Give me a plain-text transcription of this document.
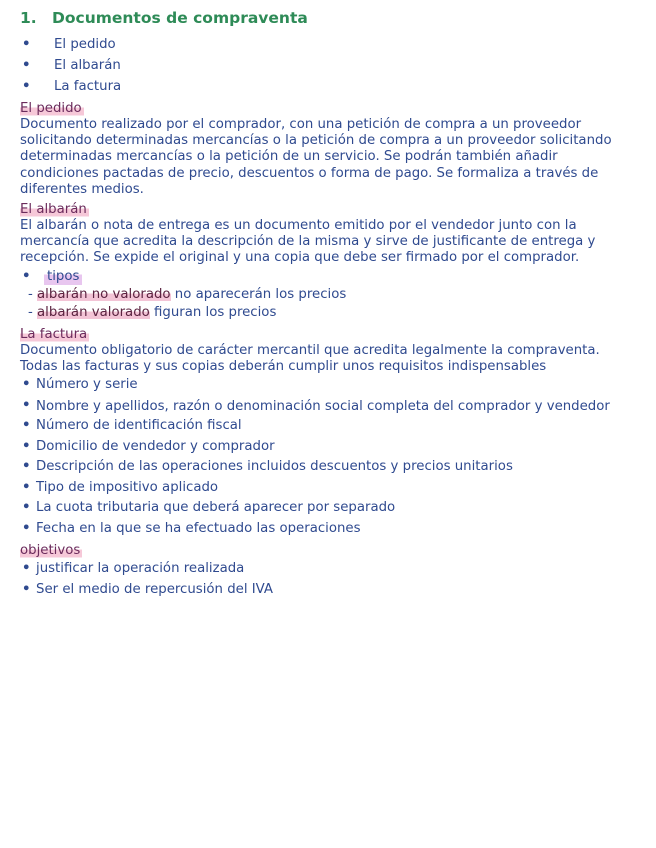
1. Documentos de compraventa
•	El pedido
•	El albarán
•	La factura
El pedido

Documento realizado por el comprador, con una petición de compra a un proveedor solicitando determinadas mercancías o la petición de compra a un proveedor solicitando determinadas mercancías o la petición de un servicio. Se podrán también añadir condiciones pactadas de precio, descuentos o forma de pago. Se formaliza a través de diferentes medios.

El albarán

El albarán o nota de entrega es un documento emitido por el vendedor junto con la mercancía que acredita la descripción de la misma y sirve de justificante de entrega y recepción. Se expide el original y una copia que debe ser firmado por el comprador.

•	tipos
- albarán no valorado no aparecerán los precios
- albarán valorado figuran los precios
La factura

Documento obligatorio de carácter mercantil que acredita legalmente la compraventa. Todas las facturas y sus copias deberán cumplir unos requisitos indispensables

• Número y serie
• Nombre y apellidos, razón o denominación social completa del comprador y vendedor
• Número de identificación fiscal
• Domicilio de vendedor y comprador
• Descripción de las operaciones incluidos descuentos y precios unitarios
• Tipo de impositivo aplicado
• La cuota tributaria que deberá aparecer por separado
• Fecha en la que se ha efectuado las operaciones
objetivos
• justificar la operación realizada
• Ser el medio de repercusión del IVA
